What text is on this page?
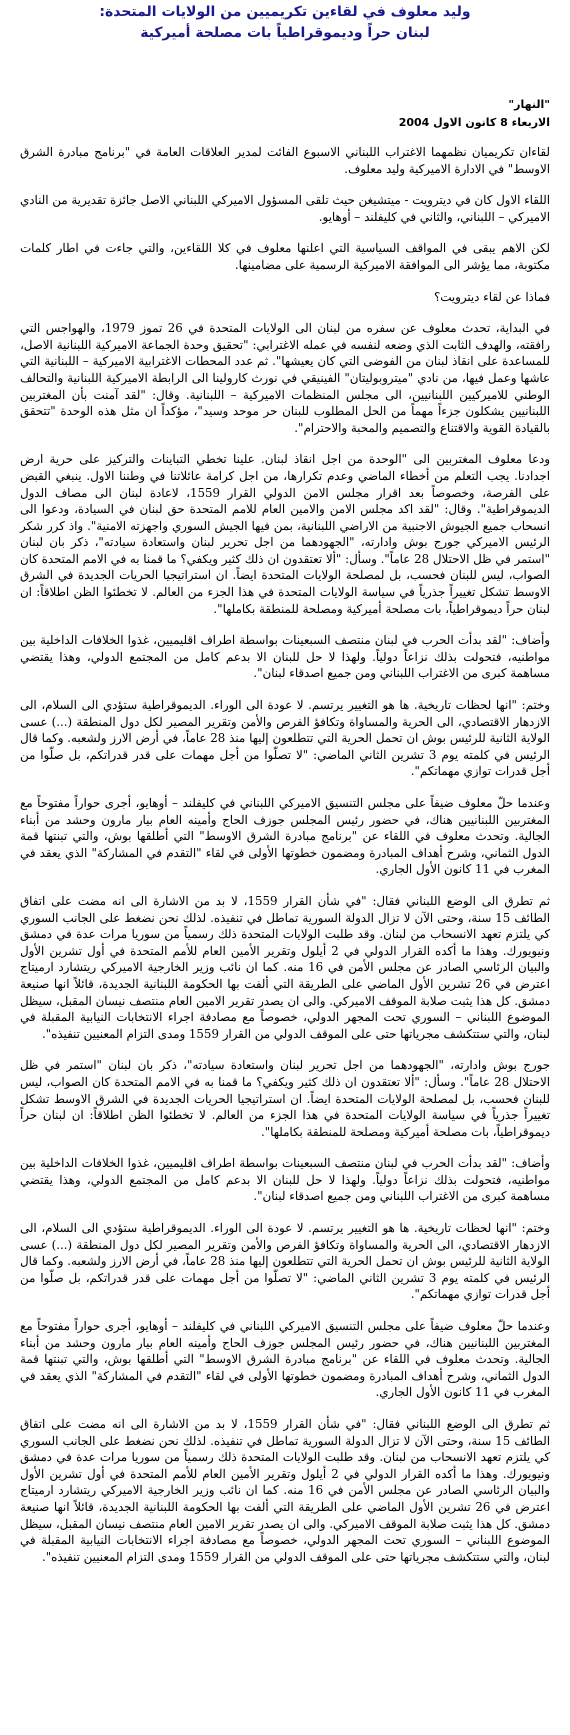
وليد معلوف في لقاءين تكريميين من الولايات المتحدة:
لبنان حراً وديموقراطياً بات مصلحة أميركية
"النهار"
الاربعاء 8 كانون الاول 2004

لقاءان تكريميان نظمهما الاغتراب اللبناني الاسبوع الفائت لمدير العلاقات العامة في "برنامج مبادرة الشرق الاوسط" في الادارة الاميركية وليد معلوف.

اللقاء الاول كان في ديترويت - ميتشيغن حيث تلقى المسؤول الاميركي اللبناني الاصل جائزة تقديرية من النادي الاميركي – اللبناني، والثاني في كليفلند – أوهايو.

لكن الاهم يبقى في المواقف السياسية التي اعلنها معلوف في كلا اللقاءين، والتي جاءت في اطار كلمات مكتوبة، مما يؤشر الى الموافقة الاميركية الرسمية على مضامينها.

فماذا عن لقاء ديترويت؟

في البداية، تحدث معلوف عن سفره من لبنان الى الولايات المتحدة في 26 تموز 1979، والهواجس التي رافقته، والهدف الثابت الذي وضعه لنفسه في عمله الاغترابي: "تحقيق وحدة الجماعة الاميركية اللبنانية الاصل، للمساعدة على انقاذ لبنان من الفوضى التي كان يعيشها". ثم عدد المحطات الاغترابية الاميركية – اللبنانية التي عاشها وعمل فيها، من نادي "ميتروبوليتان" الفينيقي في نورث كارولينا الى الرابطة الاميركية اللبنانية والتحالف الوطني للاميركيين اللبنانيين، الى مجلس المنظمات الاميركية – اللبنانية. وقال: "لقد آمنت بأن المغتربين اللبنانيين يشكلون جزءاً مهماً من الحل المطلوب للبنان حر موحد وسيد"، مؤكداً ان مثل هذه الوحدة "تتحقق بالقيادة القوية والاقتناع والتصميم والمحبة والاحترام".

ودعا معلوف المغتربين الى "الوحدة من اجل انقاذ لبنان. علينا تخطي التباينات والتركيز على حرية ارض اجدادنا. يجب التعلم من أخطاء الماضي وعدم تكرارها، من اجل كرامة عائلاتنا في وطننا الاول. ينبغي القبض على الفرصة، وخصوصاً بعد اقرار مجلس الامن الدولي القرار 1559، لاعادة لبنان الى مصاف الدول الديموقراطية". وقال: "لقد اكد مجلس الامن والامين العام للامم المتحدة حق لبنان في السيادة، ودعوا الى انسحاب جميع الجيوش الاجنبية من الاراضي اللبنانية، بمن فيها الجيش السوري واجهزته الامنية". واذ كرر شكر الرئيس الاميركي جورج بوش وادارته، "الجهودهما من اجل تحرير لبنان واستعادة سيادته"، ذكر بان لبنان "استمر في ظل الاحتلال 28 عاماً". وسأل: "ألا تعتقدون ان ذلك كثير ويكفي؟ ما قمنا به في الامم المتحدة كان الصواب، ليس للبنان فحسب، بل لمصلحة الولايات المتحدة ايضاً. ان استراتيجيا الحريات الجديدة في الشرق الاوسط تشكل تغييراً جذرياً في سياسة الولايات المتحدة في هذا الجزء من العالم. لا تخطئوا الظن اطلاقاً: ان لبنان حراً ديموقراطياً، بات مصلحة أميركية ومصلحة للمنطقة بكاملها".

وأضاف: "لقد بدأت الحرب في لبنان منتصف السبعينات بواسطة اطراف اقليميين، غذوا الخلافات الداخلية بين مواطنيه، فتحولت بذلك نزاعاً دولياً. ولهذا لا حل للبنان الا بدعم كامل من المجتمع الدولي، وهذا يقتضي مساهمة كبرى من الاغتراب اللبناني ومن جميع اصدقاء لبنان".

وختم: "انها لحظات تاريخية. ها هو التغيير يرتسم. لا عودة الى الوراء. الديموقراطية ستؤدي الى السلام، الى الازدهار الاقتصادي، الى الحرية والمساواة وتكافؤ الفرص والأمن وتقرير المصير لكل دول المنطقة (...) عسى الولاية الثانية للرئيس بوش ان تحمل الحرية التي تتطلعون إليها منذ 28 عاماً، في أرض الارز ولشعبه. وكما قال الرئيس في كلمته يوم 3 تشرين الثاني الماضي: "لا تصلّوا من أجل مهمات على قدر قدراتكم، بل صلّوا من أجل قدرات توازي مهماتكم".

وعندما حلّ معلوف ضيفاً على مجلس التنسيق الاميركي اللبناني في كليفلند – أوهايو، أجرى حواراً مفتوحاً مع المغتربين اللبنانيين هناك، في حضور رئيس المجلس جوزف الحاج وأمينه العام بيار مارون وحشد من أبناء الجالية. وتحدث معلوف في اللقاء عن "برنامج مبادرة الشرق الاوسط" التي أطلقها بوش، والتي تبنتها قمة الدول الثماني، وشرح أهداف المبادرة ومضمون خطوتها الأولى في لقاء "التقدم في المشاركة" الذي يعقد في المغرب في 11 كانون الأول الجاري.

ثم تطرق الى الوضع اللبناني فقال: "في شأن القرار 1559، لا بد من الاشارة الى انه مضت على اتفاق الطائف 15 سنة، وحتى الآن لا تزال الدولة السورية تماطل في تنفيذه. لذلك نحن نضغط على الجانب السوري كي يلتزم تعهد الانسحاب من لبنان. وقد طلبت الولايات المتحدة ذلك رسمياً من سوريا مرات عدة في دمشق ونيويورك. وهذا ما أكده القرار الدولي في 2 أيلول وتقرير الأمين العام للأمم المتحدة في أول تشرين الأول والبيان الرئاسي الصادر عن مجلس الأمن في 16 منه. كما ان نائب وزير الخارجية الاميركي ريتشارد ارميتاج اعترض في 26 تشرين الأول الماضي على الطريقة التي ألفت بها الحكومة اللبنانية الجديدة، قائلاً انها صنيعة دمشق. كل هذا يثبت صلابة الموقف الاميركي. والى ان يصدر تقرير الامين العام منتصف نيسان المقبل، سيظل الموضوع اللبناني – السوري تحت المجهر الدولي، خصوصاً مع مصادفة اجراء الانتخابات النيابية المقبلة في لبنان، والتي ستتكشف مجرياتها حتى على الموقف الدولي من القرار 1559 ومدى التزام المعنيين تنفيذه".

جورج بوش وادارته، "الجهودهما من اجل تحرير لبنان واستعادة سيادته"، ذكر بان لبنان "استمر في ظل الاحتلال 28 عاماً". وسأل: "ألا تعتقدون ان ذلك كثير ويكفي؟ ما قمنا به في الامم المتحدة كان الصواب، ليس للبنان فحسب، بل لمصلحة الولايات المتحدة ايضاً. ان استراتيجيا الحريات الجديدة في الشرق الاوسط تشكل تغييراً جذرياً في سياسة الولايات المتحدة في هذا الجزء من العالم. لا تخطئوا الظن اطلاقاً: ان لبنان حراً ديموقراطياً، بات مصلحة أميركية ومصلحة للمنطقة بكاملها".

وأضاف: "لقد بدأت الحرب في لبنان منتصف السبعينات بواسطة اطراف اقليميين، غذوا الخلافات الداخلية بين مواطنيه، فتحولت بذلك نزاعاً دولياً. ولهذا لا حل للبنان الا بدعم كامل من المجتمع الدولي، وهذا يقتضي مساهمة كبرى من الاغتراب اللبناني ومن جميع اصدقاء لبنان".

وختم: "انها لحظات تاريخية. ها هو التغيير يرتسم. لا عودة الى الوراء. الديموقراطية ستؤدي الى السلام، الى الازدهار الاقتصادي، الى الحرية والمساواة وتكافؤ الفرص والأمن وتقرير المصير لكل دول المنطقة (...) عسى الولاية الثانية للرئيس بوش ان تحمل الحرية التي تتطلعون إليها منذ 28 عاماً، في أرض الارز ولشعبه. وكما قال الرئيس في كلمته يوم 3 تشرين الثاني الماضي: "لا تصلّوا من أجل مهمات على قدر قدراتكم، بل صلّوا من أجل قدرات توازي مهماتكم".

وعندما حلّ معلوف ضيفاً على مجلس التنسيق الاميركي اللبناني في كليفلند – أوهايو، أجرى حواراً مفتوحاً مع المغتربين اللبنانيين هناك، في حضور رئيس المجلس جوزف الحاج وأمينه العام بيار مارون وحشد من أبناء الجالية. وتحدث معلوف في اللقاء عن "برنامج مبادرة الشرق الاوسط" التي أطلقها بوش، والتي تبنتها قمة الدول الثماني، وشرح أهداف المبادرة ومضمون خطوتها الأولى في لقاء "التقدم في المشاركة" الذي يعقد في المغرب في 11 كانون الأول الجاري.

ثم تطرق الى الوضع اللبناني فقال: "في شأن القرار 1559، لا بد من الاشارة الى انه مضت على اتفاق الطائف 15 سنة، وحتى الآن لا تزال الدولة السورية تماطل في تنفيذه. لذلك نحن نضغط على الجانب السوري كي يلتزم تعهد الانسحاب من لبنان. وقد طلبت الولايات المتحدة ذلك رسمياً من سوريا مرات عدة في دمشق ونيويورك. وهذا ما أكده القرار الدولي في 2 أيلول وتقرير الأمين العام للأمم المتحدة في أول تشرين الأول والبيان الرئاسي الصادر عن مجلس الأمن في 16 منه. كما ان نائب وزير الخارجية الاميركي ريتشارد ارميتاج اعترض في 26 تشرين الأول الماضي على الطريقة التي ألفت بها الحكومة اللبنانية الجديدة، قائلاً انها صنيعة دمشق. كل هذا يثبت صلابة الموقف الاميركي. والى ان يصدر تقرير الامين العام منتصف نيسان المقبل، سيظل الموضوع اللبناني – السوري تحت المجهر الدولي، خصوصاً مع مصادفة اجراء الانتخابات النيابية المقبلة في لبنان، والتي ستتكشف مجرياتها حتى على الموقف الدولي من القرار 1559 ومدى التزام المعنيين تنفيذه".
